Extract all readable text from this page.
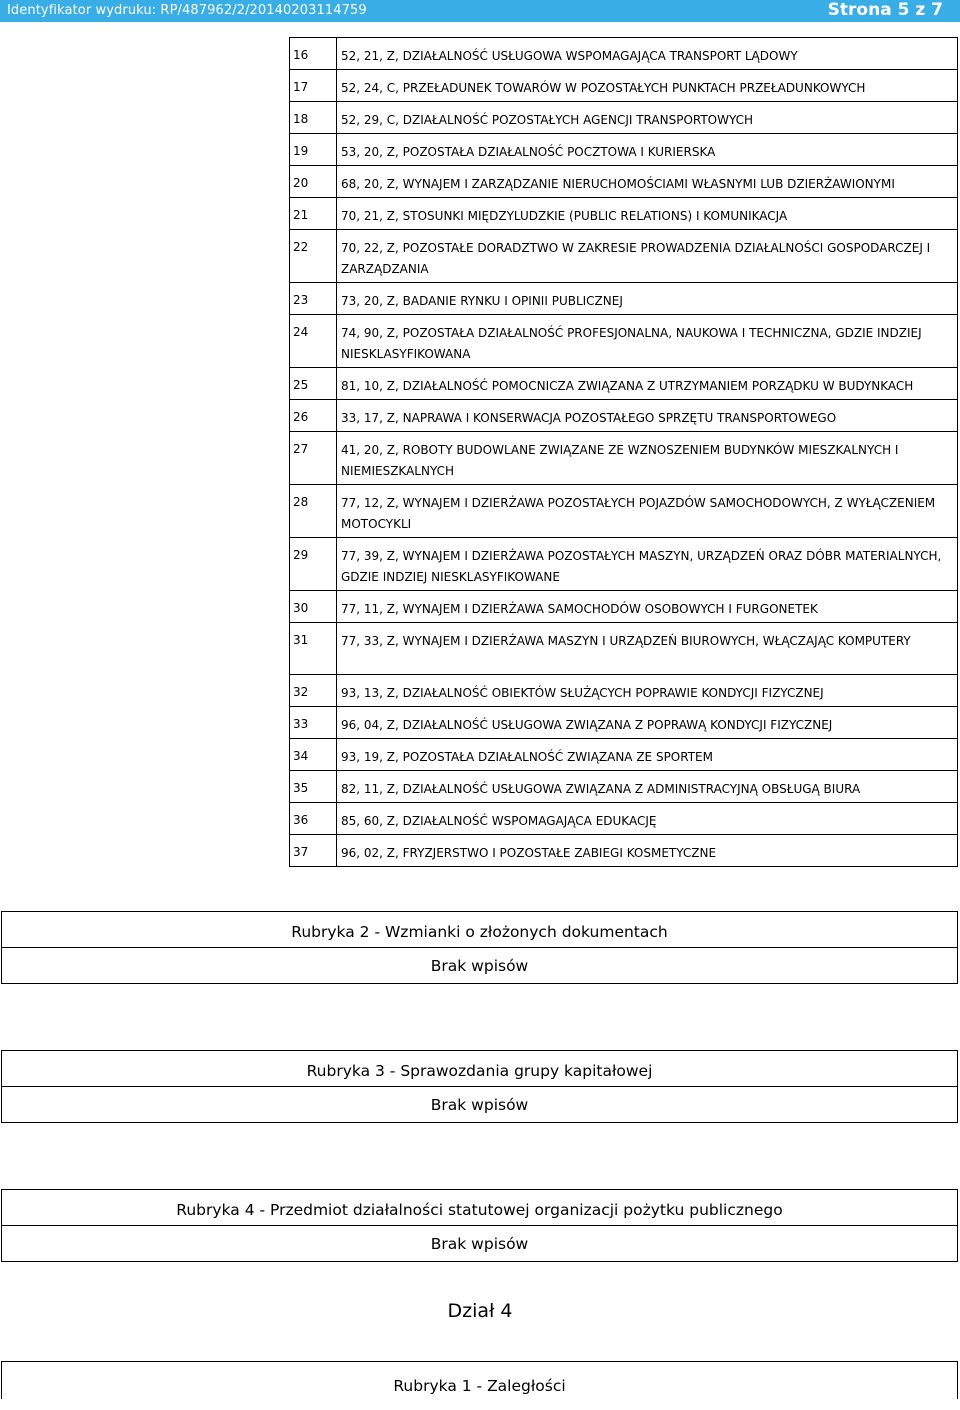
Identyfikator wydruku: RP/487962/2/20140203114759	Strona 5 z 7
16	52, 21, Z, DZIAŁALNOŚĆ USŁUGOWA WSPOMAGAJĄCA TRANSPORT LĄDOWY

17	52, 24, C, PRZEŁADUNEK TOWARÓW W POZOSTAŁYCH PUNKTACH PRZEŁADUNKOWYCH

18	52, 29, C, DZIAŁALNOŚĆ POZOSTAŁYCH AGENCJI TRANSPORTOWYCH

19	53, 20, Z, POZOSTAŁA DZIAŁALNOŚĆ POCZTOWA I KURIERSKA

20	68, 20, Z, WYNAJEM I ZARZĄDZANIE NIERUCHOMOŚCIAMI WŁASNYMI LUB DZIERŻAWIONYMI

21	70, 21, Z, STOSUNKI MIĘDZYLUDZKIE (PUBLIC RELATIONS) I KOMUNIKACJA

22	70, 22, Z, POZOSTAŁE DORADZTWO W ZAKRESIE PROWADZENIA DZIAŁALNOŚCI GOSPODARCZEJ I ZARZĄDZANIA

23	73, 20, Z, BADANIE RYNKU I OPINII PUBLICZNEJ

24	74, 90, Z, POZOSTAŁA DZIAŁALNOŚĆ PROFESJONALNA, NAUKOWA I TECHNICZNA, GDZIE INDZIEJ NIESKLASYFIKOWANA

25	81, 10, Z, DZIAŁALNOŚĆ POMOCNICZA ZWIĄZANA Z UTRZYMANIEM PORZĄDKU W BUDYNKACH

26	33, 17, Z, NAPRAWA I KONSERWACJA POZOSTAŁEGO SPRZĘTU TRANSPORTOWEGO

27	41, 20, Z, ROBOTY BUDOWLANE ZWIĄZANE ZE WZNOSZENIEM BUDYNKÓW MIESZKALNYCH I NIEMIESZKALNYCH

28	77, 12, Z, WYNAJEM I DZIERŻAWA POZOSTAŁYCH POJAZDÓW SAMOCHODOWYCH, Z WYŁĄCZENIEM MOTOCYKLI

29	77, 39, Z, WYNAJEM I DZIERŻAWA POZOSTAŁYCH MASZYN, URZĄDZEŃ ORAZ DÓBR MATERIALNYCH, GDZIE INDZIEJ NIESKLASYFIKOWANE

30	77, 11, Z, WYNAJEM I DZIERŻAWA SAMOCHODÓW OSOBOWYCH I FURGONETEK

31	77, 33, Z, WYNAJEM I DZIERŻAWA MASZYN I URZĄDZEŃ BIUROWYCH, WŁĄCZAJĄC KOMPUTERY

32	93, 13, Z, DZIAŁALNOŚĆ OBIEKTÓW SŁUŻĄCYCH POPRAWIE KONDYCJI FIZYCZNEJ

33	96, 04, Z, DZIAŁALNOŚĆ USŁUGOWA ZWIĄZANA Z POPRAWĄ KONDYCJI FIZYCZNEJ

34	93, 19, Z, POZOSTAŁA DZIAŁALNOŚĆ ZWIĄZANA ZE SPORTEM

35	82, 11, Z, DZIAŁALNOŚĆ USŁUGOWA ZWIĄZANA Z ADMINISTRACYJNĄ OBSŁUGĄ BIURA

36	85, 60, Z, DZIAŁALNOŚĆ WSPOMAGAJĄCA EDUKACJĘ

37	96, 02, Z, FRYZJERSTWO I POZOSTAŁE ZABIEGI KOSMETYCZNE
Rubryka 2 - Wzmianki o złożonych dokumentach
Brak wpisów
Rubryka 3 - Sprawozdania grupy kapitałowej
Brak wpisów
Rubryka 4 - Przedmiot działalności statutowej organizacji pożytku publicznego
Brak wpisów
Dział 4
Rubryka 1 - Zaległości
